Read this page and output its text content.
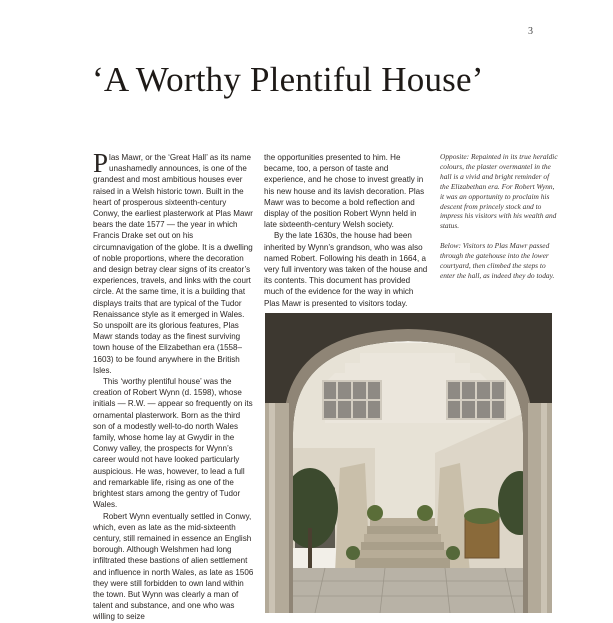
3
‘A Worthy Plentiful House’

Plas Mawr, or the ‘Great Hall’ as its name unashamedly announces, is one of the grandest and most ambitious houses ever raised in a Welsh historic town. Built in the heart of prosperous sixteenth-century Conwy, the earliest plasterwork at Plas Mawr bears the date 1577 — the year in which Francis Drake set out on his circumnavigation of the globe. It is a dwelling of noble proportions, where the decoration and design betray clear signs of its creator’s experiences, travels, and links with the court circle. At the same time, it is a building that displays traits that are typical of the Tudor Renaissance style as it emerged in Wales. So unspoilt are its glorious features, Plas Mawr stands today as the finest surviving town house of the Elizabethan era (1558–1603) to be found anywhere in the British Isles.

This ‘worthy plentiful house’ was the creation of Robert Wynn (d. 1598), whose initials — R.W. — appear so frequently on its ornamental plasterwork. Born as the third son of a modestly well-to-do north Wales family, whose home lay at Gwydir in the Conwy valley, the prospects for Wynn’s career would not have looked particularly auspicious. He was, however, to lead a full and remarkable life, rising as one of the brightest stars among the gentry of Tudor Wales.

Robert Wynn eventually settled in Conwy, which, even as late as the mid-sixteenth century, still remained in essence an English borough. Although Welshmen had long infiltrated these bastions of alien settlement and influence in north Wales, as late as 1506 they were still forbidden to own land within the town. But Wynn was clearly a man of talent and substance, and one who was willing to seize

the opportunities presented to him. He became, too, a person of taste and experience, and he chose to invest greatly in his new house and its lavish decoration. Plas Mawr was to become a bold reflection and display of the position Robert Wynn held in late sixteenth-century Welsh society.

By the late 1630s, the house had been inherited by Wynn’s grandson, who was also named Robert. Following his death in 1664, a very full inventory was taken of the house and its contents. This document has provided much of the evidence for the way in which Plas Mawr is presented to visitors today.

Opposite: Repainted in its true heraldic colours, the plaster overmantel in the hall is a vivid and bright reminder of the Elizabethan era. For Robert Wynn, it was an opportunity to proclaim his descent from princely stock and to impress his visitors with his wealth and status.

Below: Visitors to Plas Mawr passed through the gatehouse into the lower courtyard, then climbed the steps to enter the hall, as indeed they do today.
